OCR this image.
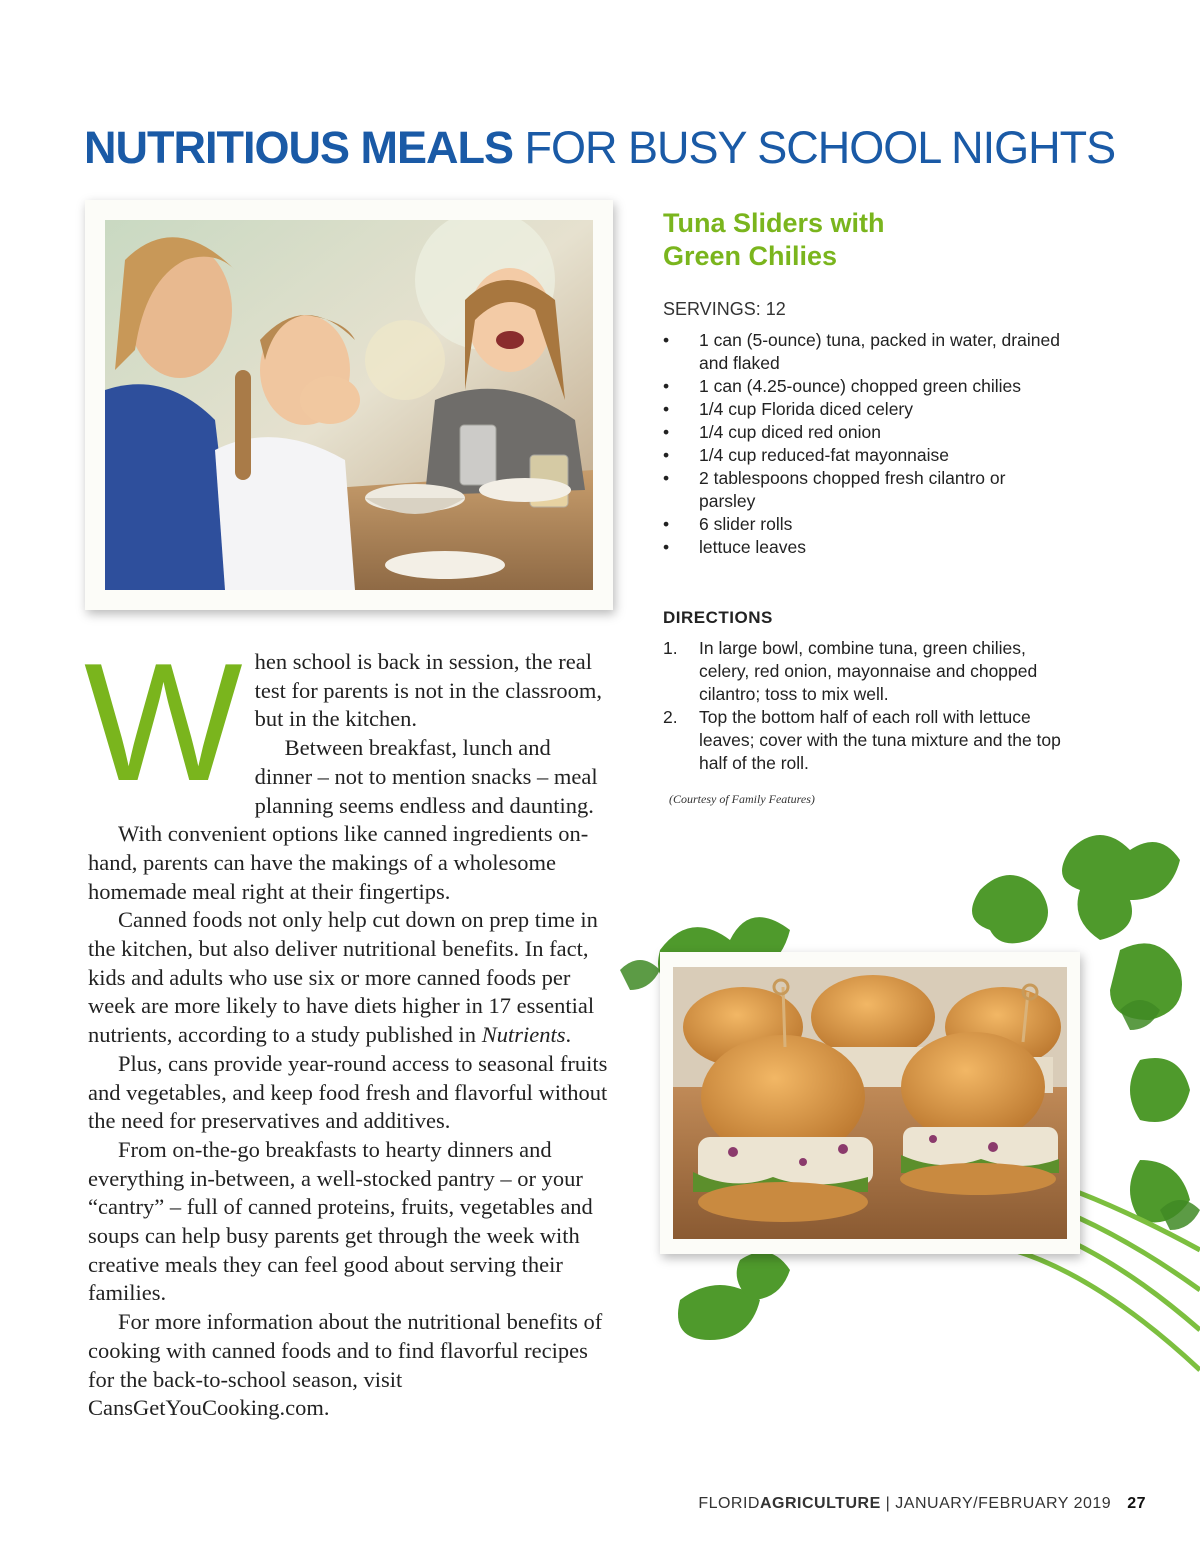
NUTRITIOUS MEALS FOR BUSY SCHOOL NIGHTS
Tuna Sliders with
Green Chilies
SERVINGS: 12
• 1 can (5-ounce) tuna, packed in water, drained and flaked
• 1 can (4.25-ounce) chopped green chilies
• 1/4 cup Florida diced celery
• 1/4 cup diced red onion
• 1/4 cup reduced-fat mayonnaise
• 2 tablespoons chopped fresh cilantro or parsley
• 6 slider rolls
• lettuce leaves
DIRECTIONS
1. In large bowl, combine tuna, green chilies, celery, red onion, mayonnaise and chopped cilantro; toss to mix well.
2. Top the bottom half of each roll with lettuce leaves; cover with the tuna mixture and the top half of the roll.
(Courtesy of Family Features)
W hen school is back in session, the real test for parents is not in the classroom, but in the kitchen.

Between breakfast, lunch and dinner – not to mention snacks – meal planning seems endless and daunting.

With convenient options like canned ingredients on-hand, parents can have the makings of a wholesome homemade meal right at their fingertips.

Canned foods not only help cut down on prep time in the kitchen, but also deliver nutritional benefits. In fact, kids and adults who use six or more canned foods per week are more likely to have diets higher in 17 essential nutrients, according to a study published in Nutrients.

Plus, cans provide year-round access to seasonal fruits and vegetables, and keep food fresh and flavorful without the need for preservatives and additives.

From on-the-go breakfasts to hearty dinners and everything in-between, a well-stocked pantry – or your “cantry” – full of canned proteins, fruits, vegetables and soups can help busy parents get through the week with creative meals they can feel good about serving their families.

For more information about the nutritional benefits of cooking with canned foods and to find flavorful recipes for the back-to-school season, visit CansGetYouCooking.com.

FLORIDAGRICULTURE | JANUARY/FEBRUARY 2019 27
